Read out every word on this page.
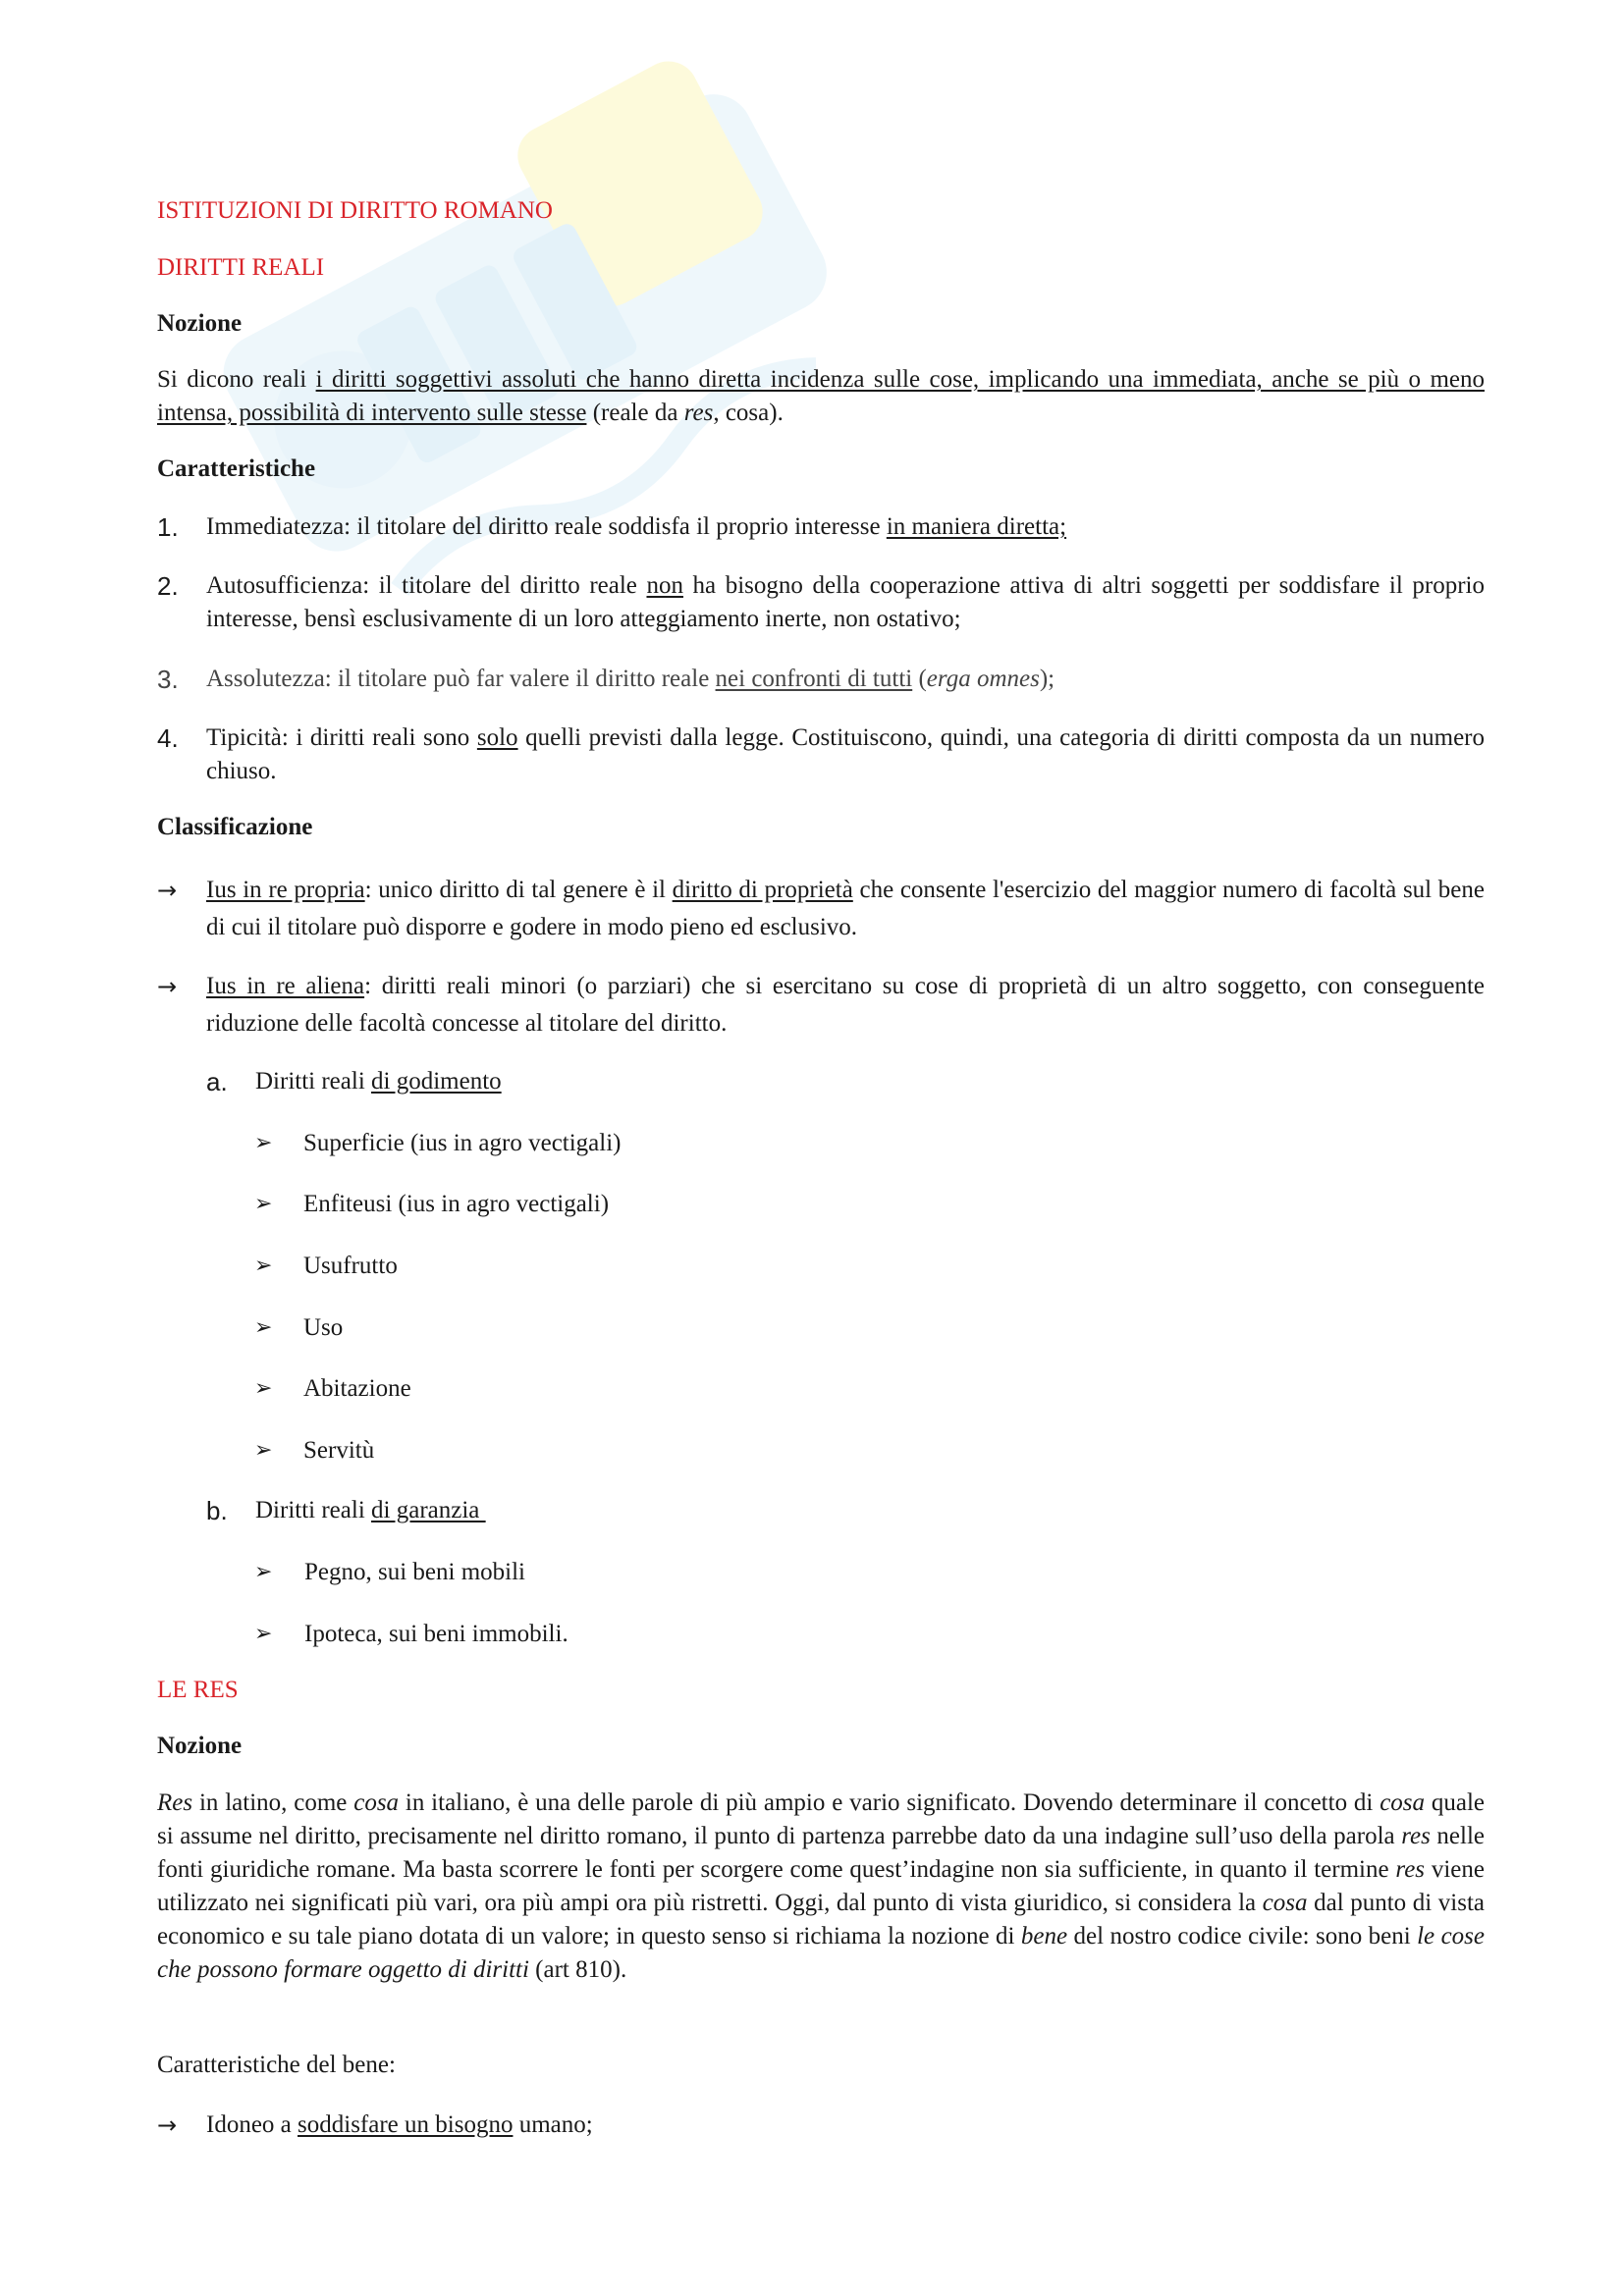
ISTITUZIONI DI DIRITTO ROMANO
DIRITTI REALI
Nozione

Si dicono reali i diritti soggettivi assoluti che hanno diretta incidenza sulle cose, implicando una immediata, anche se più o meno intensa, possibilità di intervento sulle stesse (reale da res, cosa).

Caratteristiche
1.	Immediatezza: il titolare del diritto reale soddisfa il proprio interesse in maniera diretta;
2.	Autosufficienza: il titolare del diritto reale non ha bisogno della cooperazione attiva di altri soggetti per soddisfare il proprio interesse, bensì esclusivamente di un loro atteggiamento inerte, non ostativo;
3.	Assolutezza: il titolare può far valere il diritto reale nei confronti di tutti (erga omnes);
4.	Tipicità: i diritti reali sono solo quelli previsti dalla legge. Costituiscono, quindi, una categoria di diritti composta da un numero chiuso.
Classificazione
→	Ius in re propria: unico diritto di tal genere è il diritto di proprietà che consente l'esercizio del maggior numero di facoltà sul bene di cui il titolare può disporre e godere in modo pieno ed esclusivo.
→	Ius in re aliena: diritti reali minori (o parziari) che si esercitano su cose di proprietà di un altro soggetto, con conseguente riduzione delle facoltà concesse al titolare del diritto.
a.	Diritti reali di godimento
➢	Superficie (ius in agro vectigali)
➢	Enfiteusi (ius in agro vectigali)
➢	Usufrutto
➢	Uso
➢	Abitazione
➢	Servitù
b.	Diritti reali di garanzia
➢	Pegno, sui beni mobili
➢	Ipoteca, sui beni immobili.
LE RES
Nozione

Res in latino, come cosa in italiano, è una delle parole di più ampio e vario significato. Dovendo determinare il concetto di cosa quale si assume nel diritto, precisamente nel diritto romano, il punto di partenza parrebbe dato da una indagine sull’uso della parola res nelle fonti giuridiche romane. Ma basta scorrere le fonti per scorgere come quest’indagine non sia sufficiente, in quanto il termine res viene utilizzato nei significati più vari, ora più ampi ora più ristretti. Oggi, dal punto di vista giuridico, si considera la cosa dal punto di vista economico e su tale piano dotata di un valore; in questo senso si richiama la nozione di bene del nostro codice civile: sono beni le cose che possono formare oggetto di diritti (art 810).

Caratteristiche del bene:
→	Idoneo a soddisfare un bisogno umano;
